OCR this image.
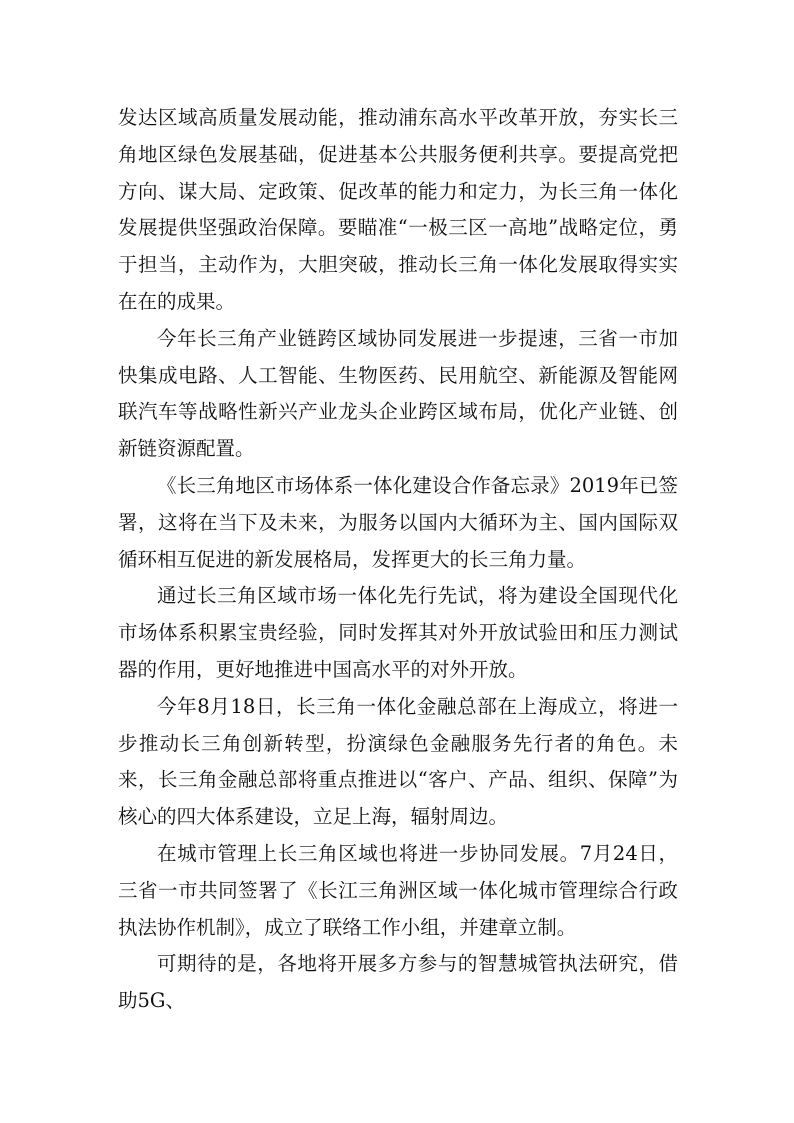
发达区域高质量发展动能，推动浦东高水平改革开放，夯实长三角地区绿色发展基础，促进基本公共服务便利共享。要提高党把方向、谋大局、定政策、促改革的能力和定力，为长三角一体化发展提供坚强政治保障。要瞄准“一极三区一高地”战略定位，勇于担当，主动作为，大胆突破，推动长三角一体化发展取得实实在在的成果。

今年长三角产业链跨区域协同发展进一步提速，三省一市加快集成电路、人工智能、生物医药、民用航空、新能源及智能网联汽车等战略性新兴产业龙头企业跨区域布局，优化产业链、创新链资源配置。

《长三角地区市场体系一体化建设合作备忘录》2019年已签署，这将在当下及未来，为服务以国内大循环为主、国内国际双循环相互促进的新发展格局，发挥更大的长三角力量。

通过长三角区域市场一体化先行先试，将为建设全国现代化市场体系积累宝贵经验，同时发挥其对外开放试验田和压力测试器的作用，更好地推进中国高水平的对外开放。

今年8月18日，长三角一体化金融总部在上海成立，将进一步推动长三角创新转型，扮演绿色金融服务先行者的角色。未来，长三角金融总部将重点推进以“客户、产品、组织、保障”为核心的四大体系建设，立足上海，辐射周边。

在城市管理上长三角区域也将进一步协同发展。7月24日，三省一市共同签署了《长江三角洲区域一体化城市管理综合行政执法协作机制》，成立了联络工作小组，并建章立制。

可期待的是，各地将开展多方参与的智慧城管执法研究，借助5G、
